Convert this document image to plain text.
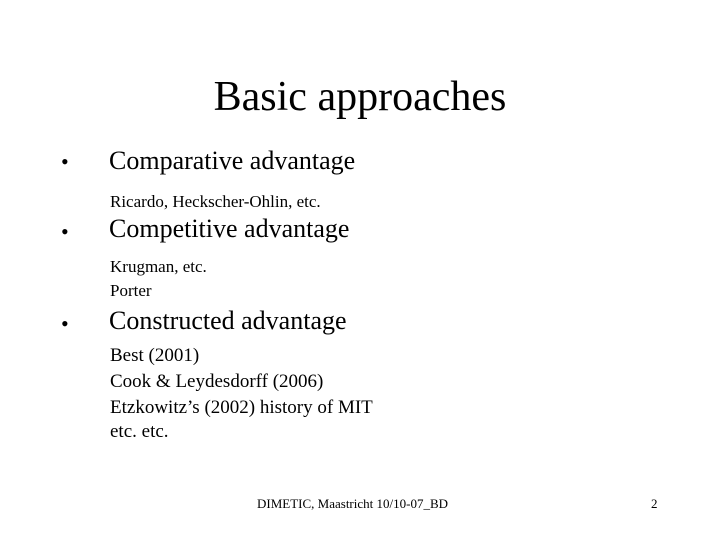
Basic approaches
• Comparative advantage
Ricardo, Heckscher-Ohlin, etc.
• Competitive advantage
Krugman, etc.
Porter
• Constructed advantage
Best (2001)
Cook & Leydesdorff (2006)
Etzkowitz’s (2002) history of MIT
etc. etc.
DIMETIC, Maastricht 10/10-07_BD	2
